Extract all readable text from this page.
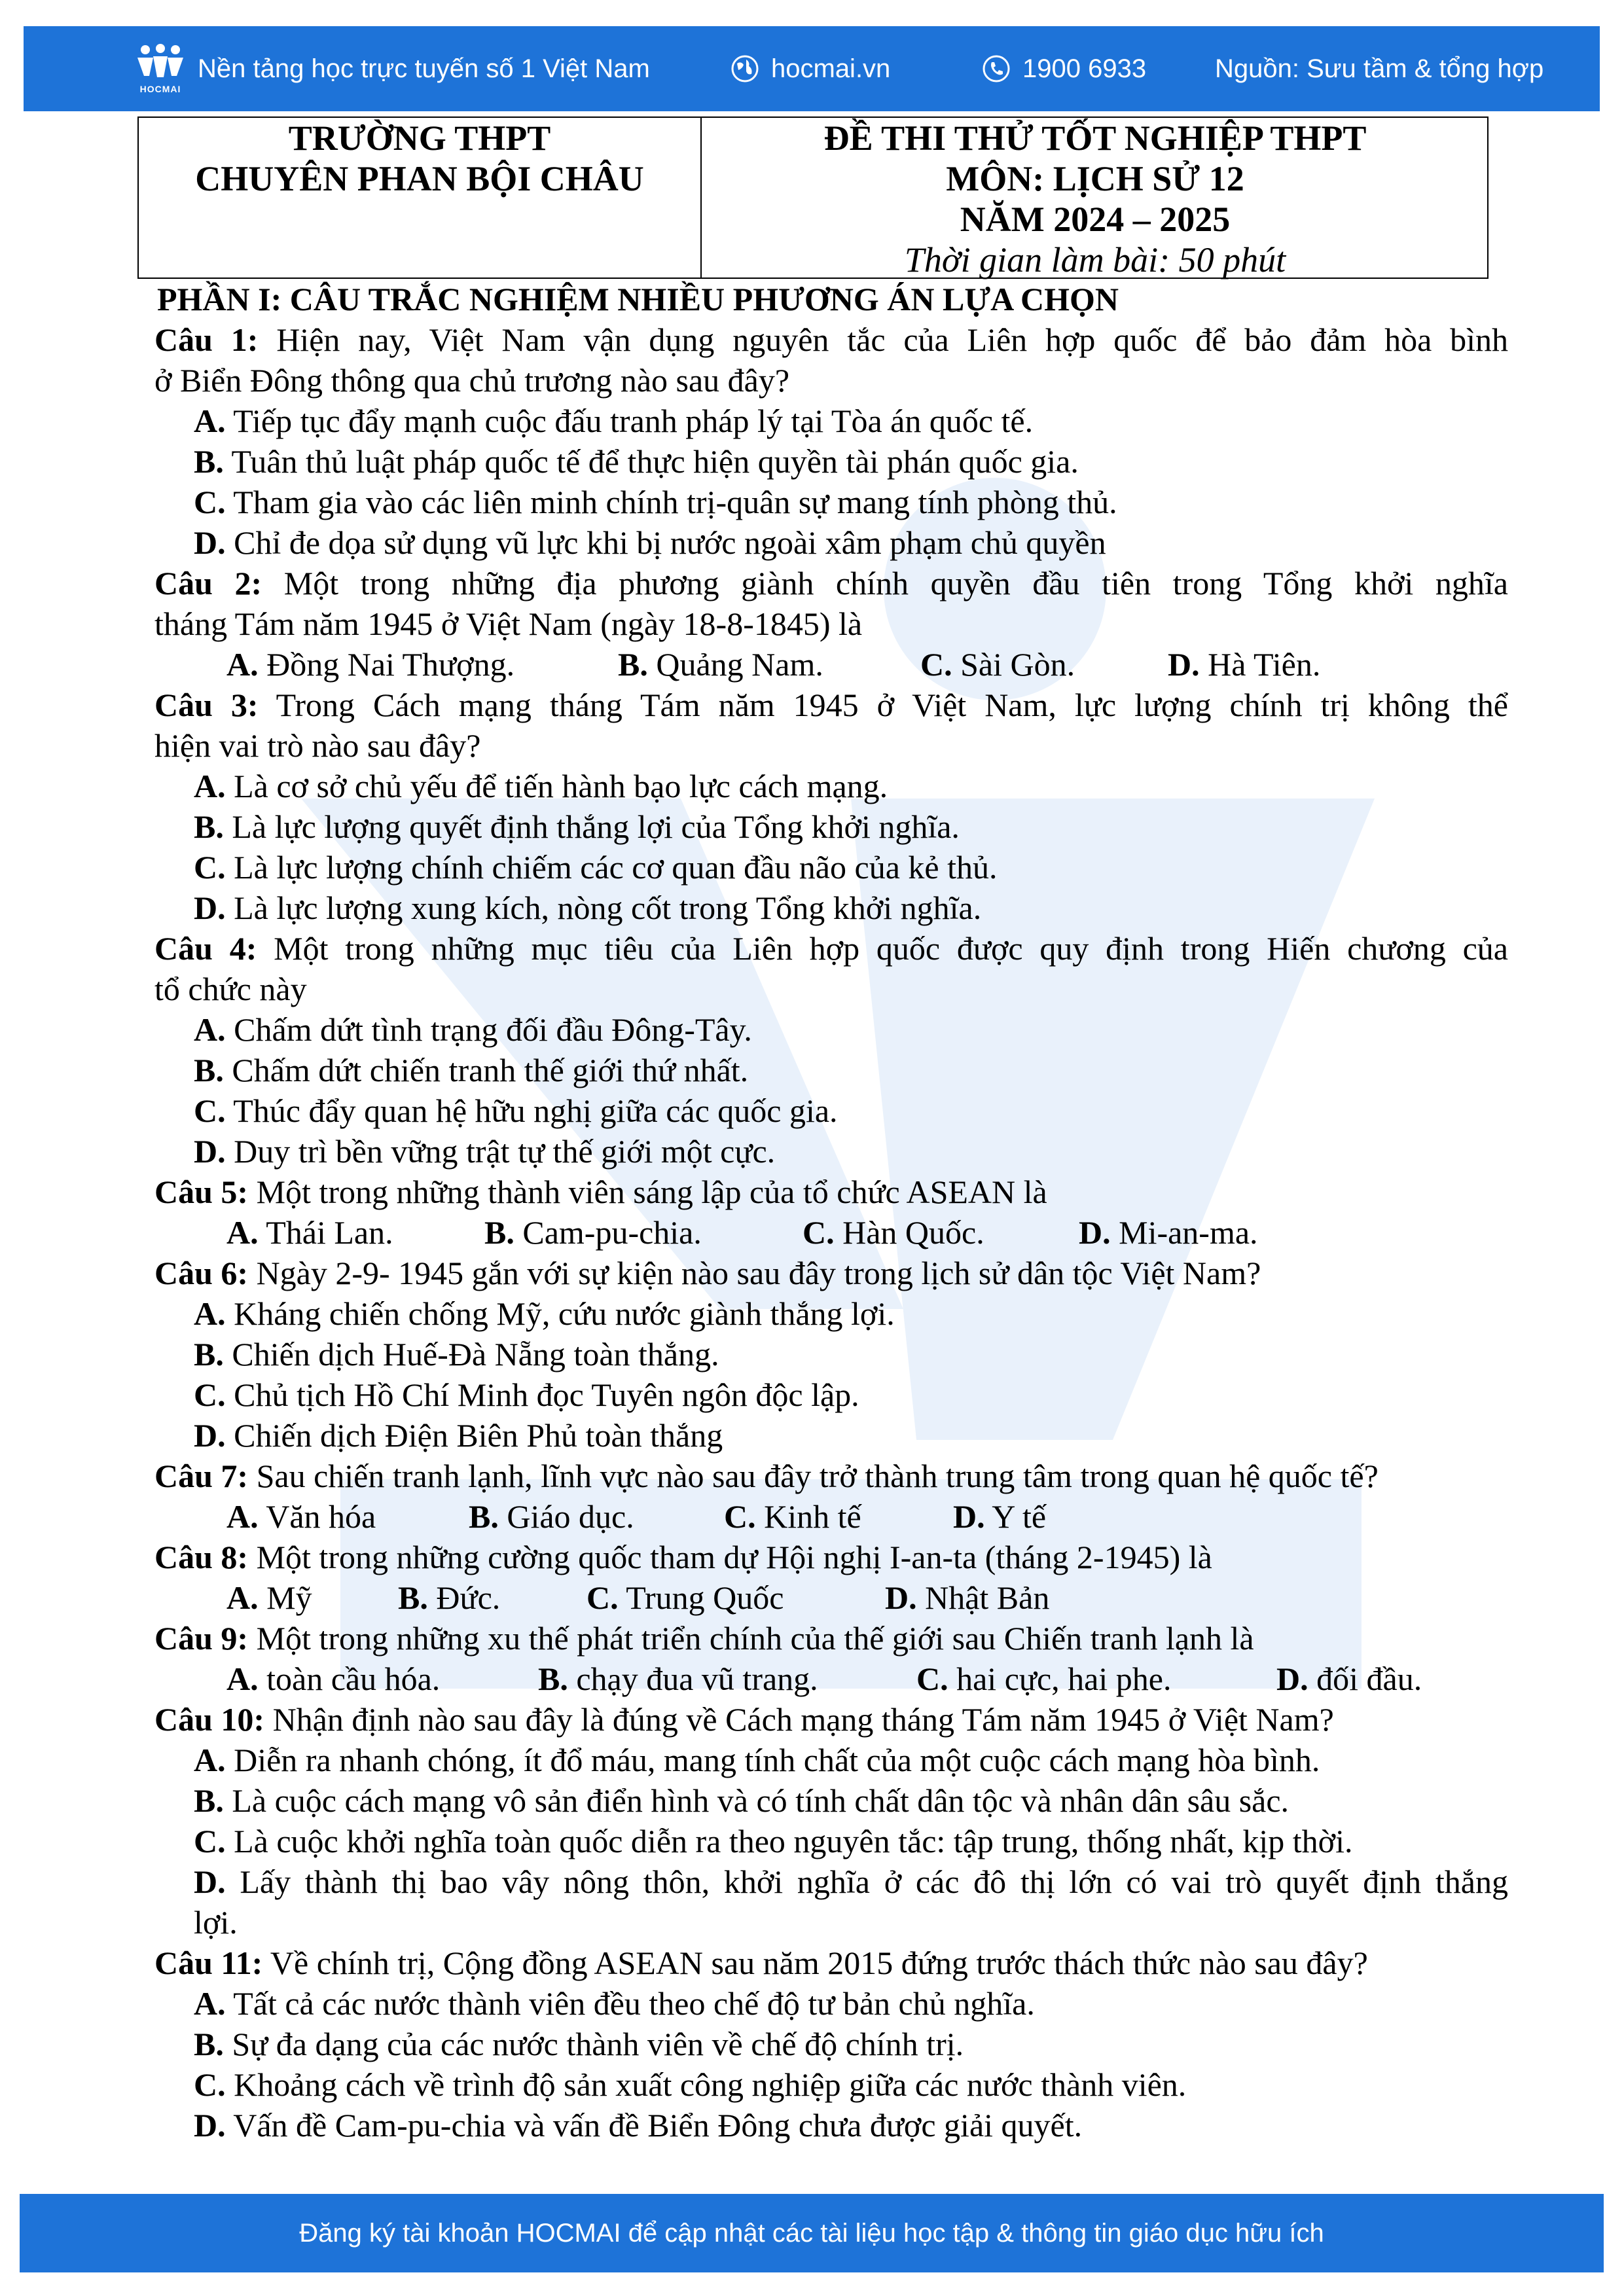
HOCMAI
Nền tảng học trực tuyến số 1 Việt Nam	hocmai.vn	1900 6933	Nguồn: Sưu tầm & tổng hợp
TRƯỜNG THPT
CHUYÊN PHAN BỘI CHÂU
ĐỀ THI THỬ TỐT NGHIỆP THPT
MÔN: LỊCH SỬ 12
NĂM 2024 – 2025
Thời gian làm bài: 50 phút
PHẦN I: CÂU TRẮC NGHIỆM NHIỀU PHƯƠNG ÁN LỰA CHỌN
Câu 1: Hiện nay, Việt Nam vận dụng nguyên tắc của Liên hợp quốc để bảo đảm hòa bình
ở Biển Đông thông qua chủ trương nào sau đây?
A. Tiếp tục đẩy mạnh cuộc đấu tranh pháp lý tại Tòa án quốc tế.
B. Tuân thủ luật pháp quốc tế để thực hiện quyền tài phán quốc gia.
C. Tham gia vào các liên minh chính trị-quân sự mang tính phòng thủ.
D. Chỉ đe dọa sử dụng vũ lực khi bị nước ngoài xâm phạm chủ quyền
Câu 2: Một trong những địa phương giành chính quyền đầu tiên trong Tổng khởi nghĩa
tháng Tám năm 1945 ở Việt Nam (ngày 18-8-1845) là
A. Đồng Nai Thượng.	B. Quảng Nam.	C. Sài Gòn.	D. Hà Tiên.
Câu 3: Trong Cách mạng tháng Tám năm 1945 ở Việt Nam, lực lượng chính trị không thể
hiện vai trò nào sau đây?
A. Là cơ sở chủ yếu để tiến hành bạo lực cách mạng.
B. Là lực lượng quyết định thắng lợi của Tổng khởi nghĩa.
C. Là lực lượng chính chiếm các cơ quan đầu não của kẻ thủ.
D. Là lực lượng xung kích, nòng cốt trong Tổng khởi nghĩa.
Câu 4: Một trong những mục tiêu của Liên hợp quốc được quy định trong Hiến chương của
tổ chức này
A. Chấm dứt tình trạng đối đầu Đông-Tây.
B. Chấm dứt chiến tranh thế giới thứ nhất.
C. Thúc đẩy quan hệ hữu nghị giữa các quốc gia.
D. Duy trì bền vững trật tự thế giới một cực.
Câu 5: Một trong những thành viên sáng lập của tổ chức ASEAN là
A. Thái Lan.	B. Cam-pu-chia.	C. Hàn Quốc.	D. Mi-an-ma.
Câu 6: Ngày 2-9- 1945 gắn với sự kiện nào sau đây trong lịch sử dân tộc Việt Nam?
A. Kháng chiến chống Mỹ, cứu nước giành thắng lợi.
B. Chiến dịch Huế-Đà Nẵng toàn thắng.
C. Chủ tịch Hồ Chí Minh đọc Tuyên ngôn độc lập.
D. Chiến dịch Điện Biên Phủ toàn thắng
Câu 7: Sau chiến tranh lạnh, lĩnh vực nào sau đây trở thành trung tâm trong quan hệ quốc tế?
A. Văn hóa	B. Giáo dục.	C. Kinh tế	D. Y tế
Câu 8: Một trong những cường quốc tham dự Hội nghị I-an-ta (tháng 2-1945) là
A. Mỹ	B. Đức.	C. Trung Quốc	D. Nhật Bản
Câu 9: Một trong những xu thế phát triển chính của thế giới sau Chiến tranh lạnh là
A. toàn cầu hóa.	B. chạy đua vũ trang.	C. hai cực, hai phe.	D. đối đầu.
Câu 10: Nhận định nào sau đây là đúng về Cách mạng tháng Tám năm 1945 ở Việt Nam?
A. Diễn ra nhanh chóng, ít đổ máu, mang tính chất của một cuộc cách mạng hòa bình.
B. Là cuộc cách mạng vô sản điển hình và có tính chất dân tộc và nhân dân sâu sắc.
C. Là cuộc khởi nghĩa toàn quốc diễn ra theo nguyên tắc: tập trung, thống nhất, kịp thời.
D. Lấy thành thị bao vây nông thôn, khởi nghĩa ở các đô thị lớn có vai trò quyết định thắng
lợi.
Câu 11: Về chính trị, Cộng đồng ASEAN sau năm 2015 đứng trước thách thức nào sau đây?
A. Tất cả các nước thành viên đều theo chế độ tư bản chủ nghĩa.
B. Sự đa dạng của các nước thành viên về chế độ chính trị.
C. Khoảng cách về trình độ sản xuất công nghiệp giữa các nước thành viên.
D. Vấn đề Cam-pu-chia và vấn đề Biển Đông chưa được giải quyết.
Đăng ký tài khoản HOCMAI để cập nhật các tài liệu học tập & thông tin giáo dục hữu ích
